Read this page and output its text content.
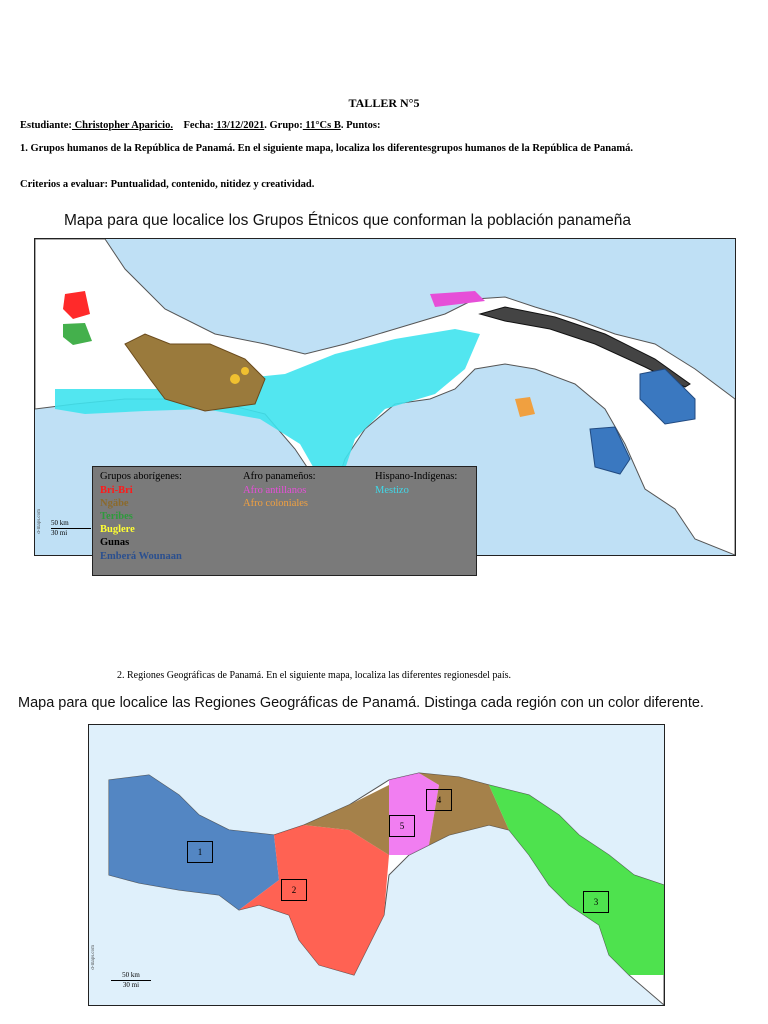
TALLER N°5
Estudiante: Christopher Aparicio. Fecha: 13/12/2021. Grupo: 11°Cs B. Puntos:
1. Grupos humanos de la República de Panamá. En el siguiente mapa, localiza los diferentesgrupos humanos de la República de Panamá.
Criterios a evaluar: Puntualidad, contenido, nitidez y creatividad.
Mapa para que localice los Grupos Étnicos que conforman la población panameña
d-maps.com 50 km
30 mi
Grupos aborígenes:	Afro panameños:	Hispano-Indígenas:
Bri-Bri
Ngäbe
Teribes
Buglere
Gunas
Emberá Wounaan
Afro antillanos
Afro coloniales
Mestizo
2. Regiones Geográficas de Panamá. En el siguiente mapa, localiza las diferentes regionesdel país.
Mapa para que localice las Regiones Geográficas de Panamá. Distinga cada región con un color diferente.
1
2
3
4
5
d-maps.com
50 km
30 mi
